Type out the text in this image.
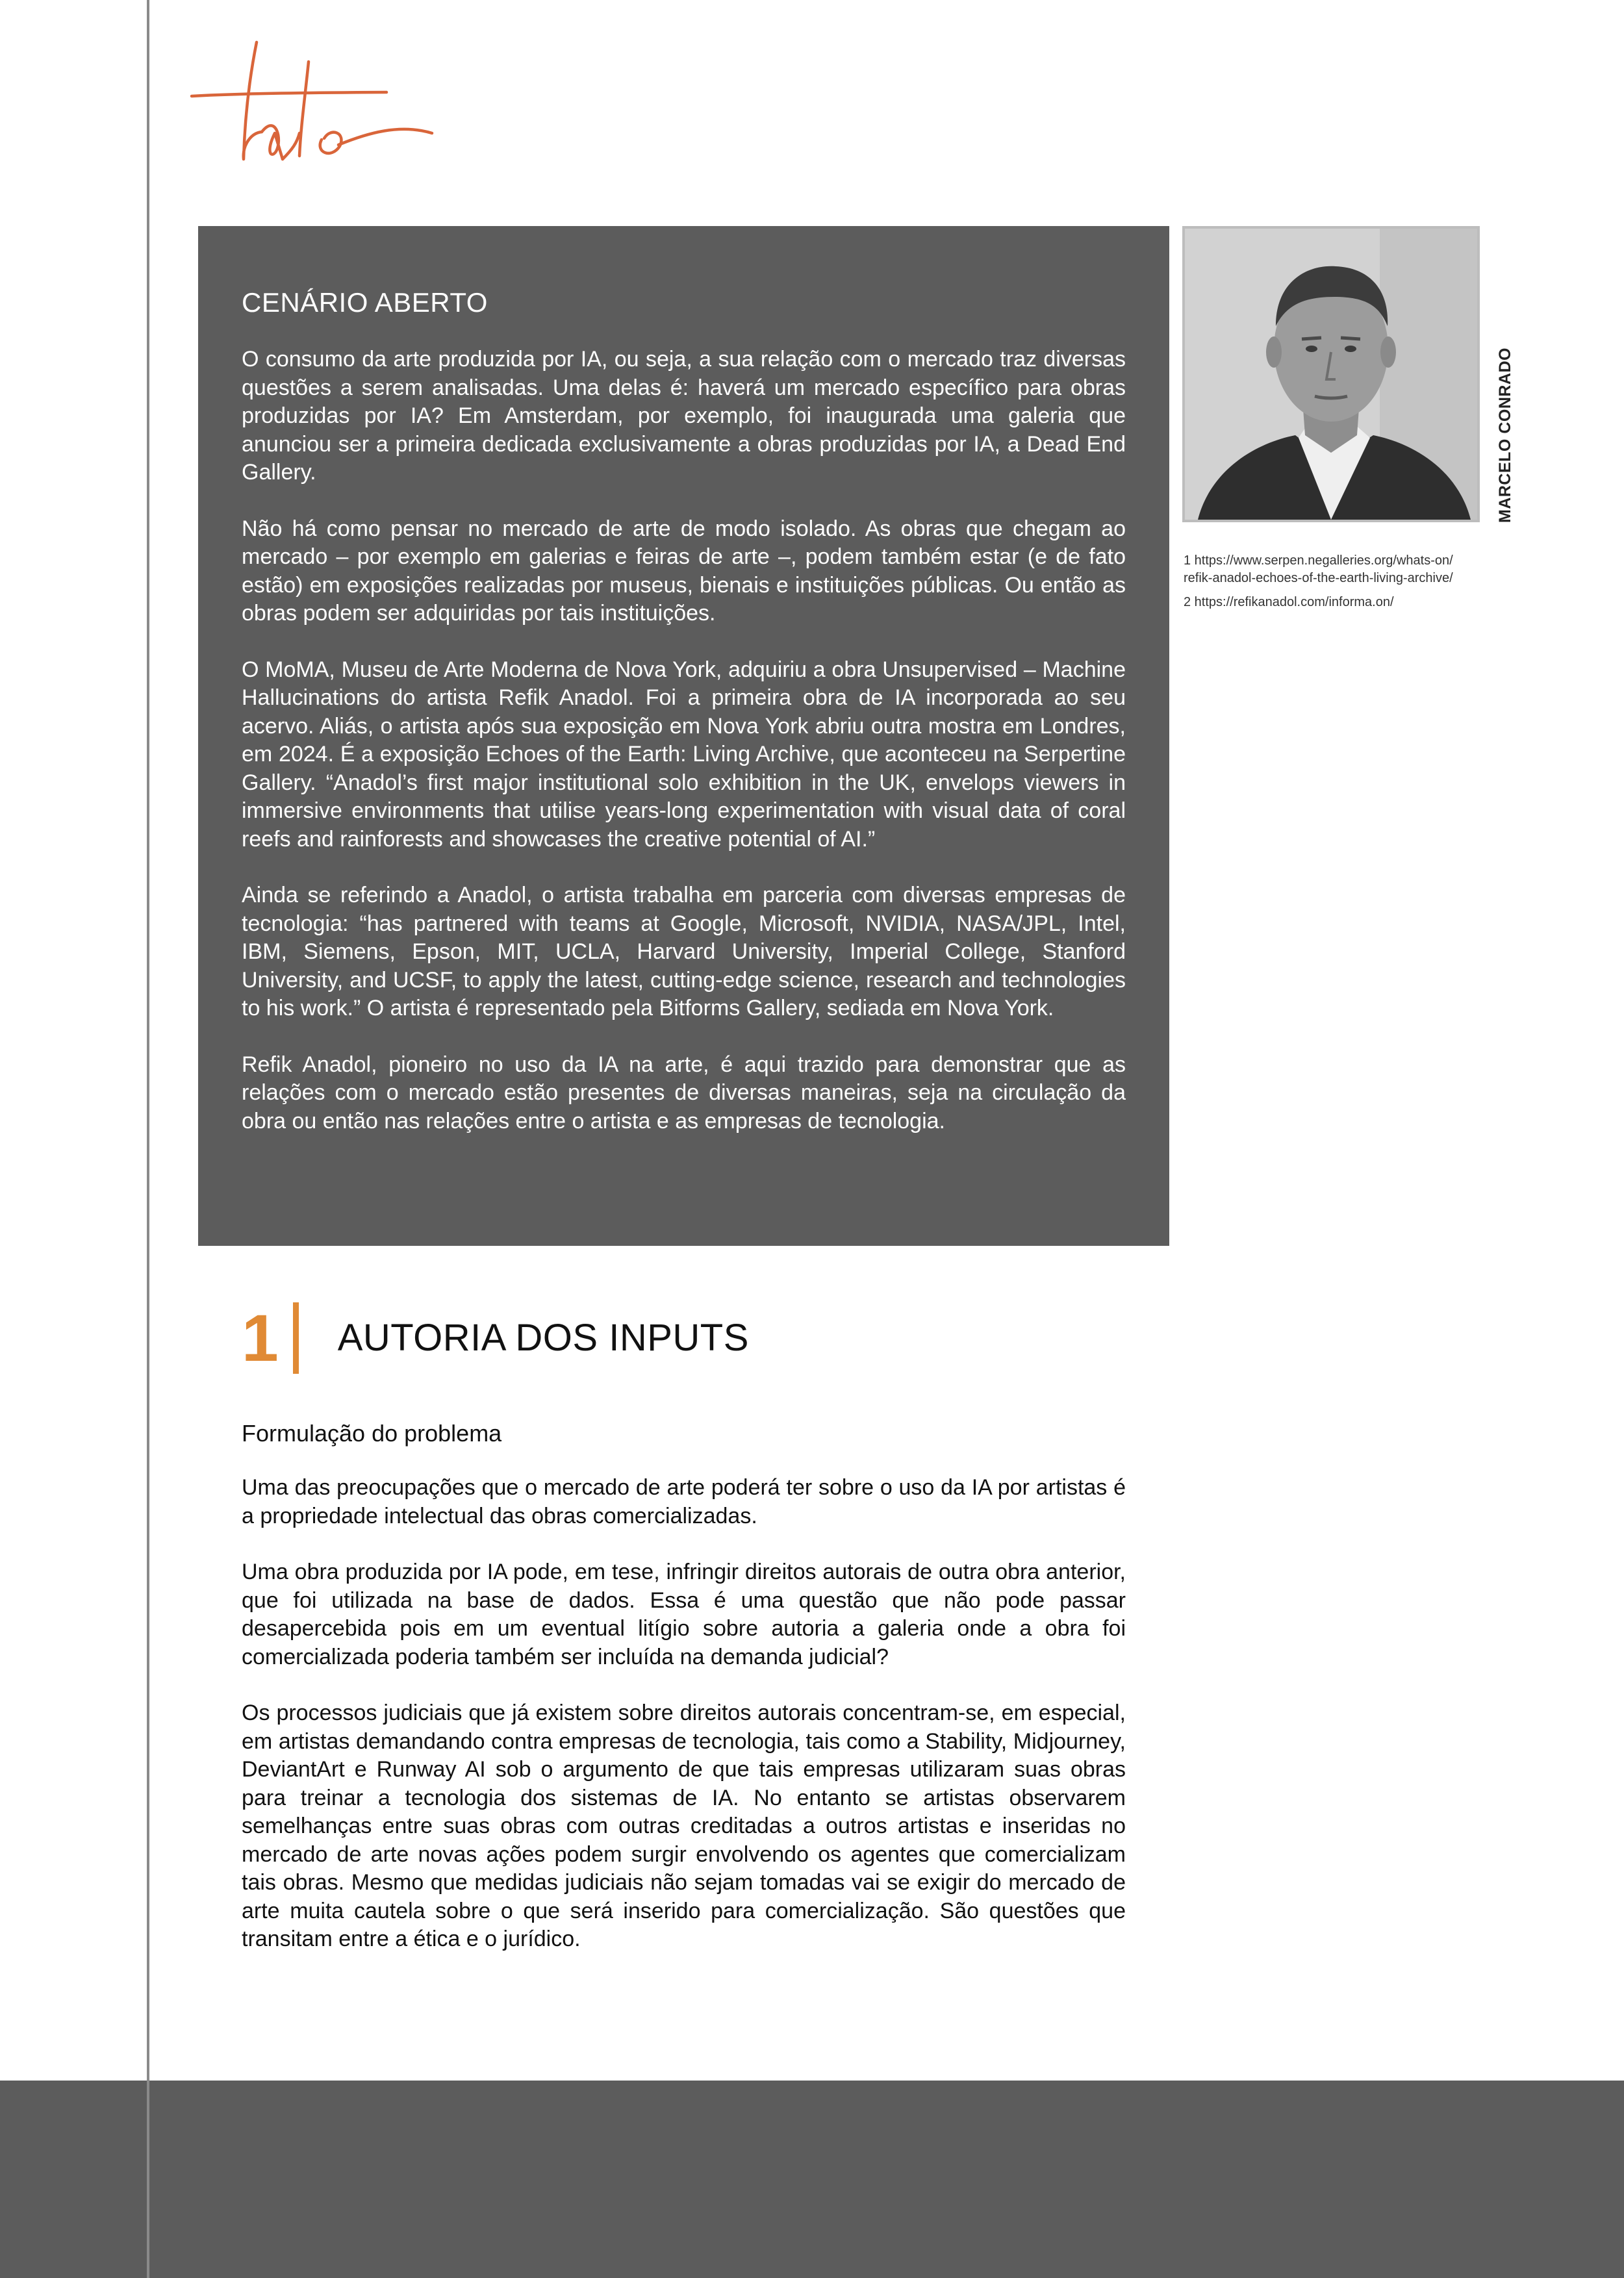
CENÁRIO ABERTO

O consumo da arte produzida por IA, ou seja, a sua relação com o mercado traz diversas questões a serem analisadas. Uma delas é: haverá um mercado específico para obras produzidas por IA? Em Amsterdam, por exemplo, foi inaugurada uma galeria que anunciou ser a primeira dedicada exclusivamente a obras produzidas por IA, a Dead End Gallery.

Não há como pensar no mercado de arte de modo isolado. As obras que chegam ao mercado – por exemplo em galerias e feiras de arte –, podem também estar (e de fato estão) em exposições realizadas por museus, bienais e instituições públicas. Ou então as obras podem ser adquiridas por tais instituições.

O MoMA, Museu de Arte Moderna de Nova York, adquiriu a obra Unsupervised – Machine Hallucinations do artista Refik Anadol. Foi a primeira obra de IA incorporada ao seu acervo. Aliás, o artista após sua exposição em Nova York abriu outra mostra em Londres, em 2024. É a exposição Echoes of the Earth: Living Archive, que aconteceu na Serpertine Gallery. “Anadol’s first major institutional solo exhibition in the UK, envelops viewers in immersive environments that utilise years-long experimentation with visual data of coral reefs and rainforests and showcases the creative potential of AI.”

Ainda se referindo a Anadol, o artista trabalha em parceria com diversas empresas de tecnologia: “has partnered with teams at Google, Microsoft, NVIDIA, NASA/JPL, Intel, IBM, Siemens, Epson, MIT, UCLA, Harvard University, Imperial College, Stanford University, and UCSF, to apply the latest, cutting-edge science, research and technologies to his work.” O artista é representado pela Bitforms Gallery, sediada em Nova York.

Refik Anadol, pioneiro no uso da IA na arte, é aqui trazido para demonstrar que as relações com o mercado estão presentes de diversas maneiras, seja na circulação da obra ou então nas relações entre o artista e as empresas de tecnologia.

MARCELO CONRADO

1 https://www.serpen.negalleries.org/whats-on/refik-anadol-echoes-of-the-earth-living-archive/

2 https://refikanadol.com/informa.on/

1 AUTORIA DOS INPUTS
Formulação do problema

Uma das preocupações que o mercado de arte poderá ter sobre o uso da IA por artistas é a propriedade intelectual das obras comercializadas.

Uma obra produzida por IA pode, em tese, infringir direitos autorais de outra obra anterior, que foi utilizada na base de dados. Essa é uma questão que não pode passar desapercebida pois em um eventual litígio sobre autoria a galeria onde a obra foi comercializada poderia também ser incluída na demanda judicial?

Os processos judiciais que já existem sobre direitos autorais concentram-se, em especial, em artistas demandando contra empresas de tecnologia, tais como a Stability, Midjourney, DeviantArt e Runway AI sob o argumento de que tais empresas utilizaram suas obras para treinar a tecnologia dos sistemas de IA. No entanto se artistas observarem semelhanças entre suas obras com outras creditadas a outros artistas e inseridas no mercado de arte novas ações podem surgir envolvendo os agentes que comercializam tais obras. Mesmo que medidas judiciais não sejam tomadas vai se exigir do mercado de arte muita cautela sobre o que será inserido para comercialização. São questões que transitam entre a ética e o jurídico.
